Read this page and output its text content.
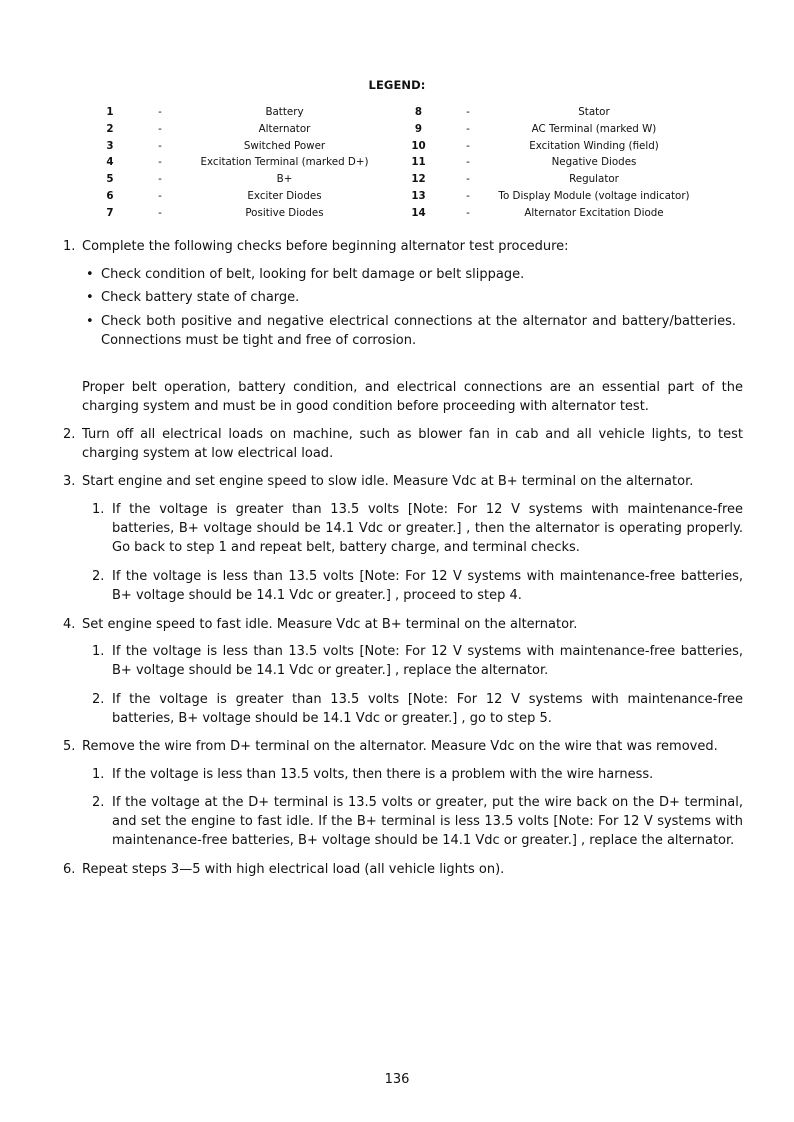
LEGEND:
1	-	Battery	8	-	Stator
2	-	Alternator	9	-	AC Terminal (marked W)
3	-	Switched Power	10	-	Excitation Winding (field)
4	-	Excitation Terminal (marked D+)	11	-	Negative Diodes
5	-	B+	12	-	Regulator
6	-	Exciter Diodes	13	-	To Display Module (voltage indicator)
7	-	Positive Diodes	14	-	Alternator Excitation Diode
1. Complete the following checks before beginning alternator test procedure:
• Check condition of belt, looking for belt damage or belt slippage.
• Check battery state of charge.
• Check both positive and negative electrical connections at the alternator and battery/batteries. Connections must be tight and free of corrosion.
Proper belt operation, battery condition, and electrical connections are an essential part of the charging system and must be in good condition before proceeding with alternator test.
2. Turn off all electrical loads on machine, such as blower fan in cab and all vehicle lights, to test charging system at low electrical load.
3. Start engine and set engine speed to slow idle. Measure Vdc at B+ terminal on the alternator.
1. If the voltage is greater than 13.5 volts [Note: For 12 V systems with maintenance-free batteries, B+ voltage should be 14.1 Vdc or greater.] , then the alternator is operating properly. Go back to step 1 and repeat belt, battery charge, and terminal checks.
2. If the voltage is less than 13.5 volts [Note: For 12 V systems with maintenance-free batteries, B+ voltage should be 14.1 Vdc or greater.] , proceed to step 4.
4. Set engine speed to fast idle. Measure Vdc at B+ terminal on the alternator.
1. If the voltage is less than 13.5 volts [Note: For 12 V systems with maintenance-free batteries, B+ voltage should be 14.1 Vdc or greater.] , replace the alternator.
2. If the voltage is greater than 13.5 volts [Note: For 12 V systems with maintenance-free batteries, B+ voltage should be 14.1 Vdc or greater.] , go to step 5.
5. Remove the wire from D+ terminal on the alternator. Measure Vdc on the wire that was removed.
1. If the voltage is less than 13.5 volts, then there is a problem with the wire harness.
2. If the voltage at the D+ terminal is 13.5 volts or greater, put the wire back on the D+ terminal, and set the engine to fast idle. If the B+ terminal is less 13.5 volts [Note: For 12 V systems with maintenance-free batteries, B+ voltage should be 14.1 Vdc or greater.] , replace the alternator.
6. Repeat steps 3—5 with high electrical load (all vehicle lights on).
136
